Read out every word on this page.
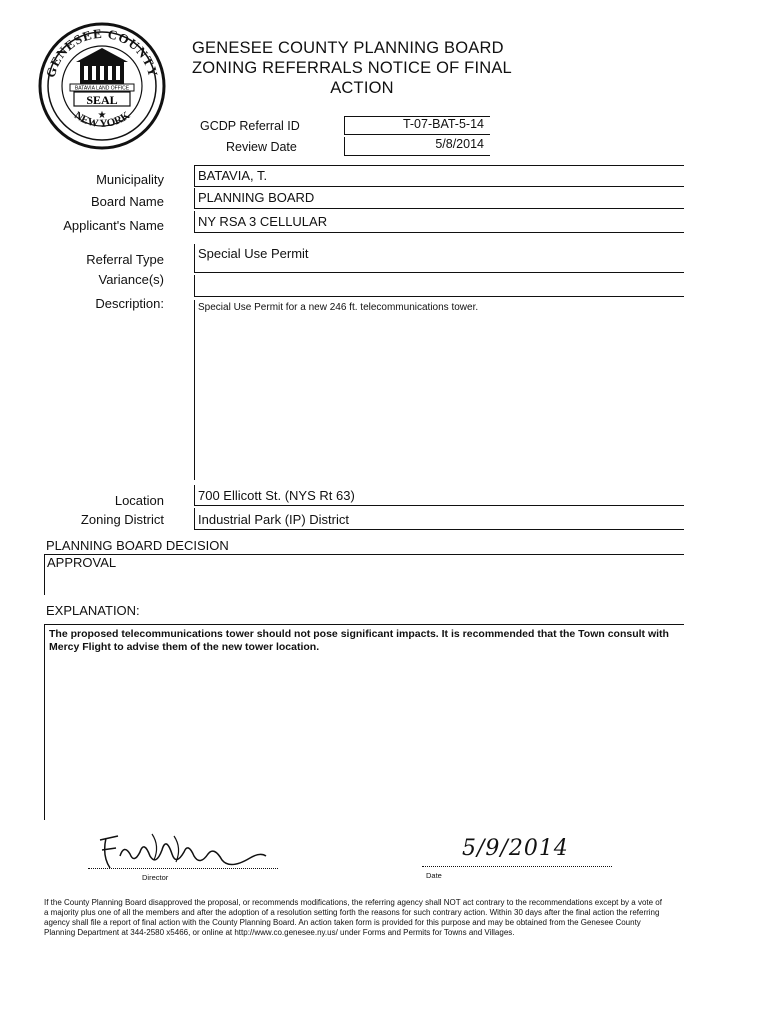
GENESEE COUNTY
NEW YORK
BATAVIA LAND OFFICE
SEAL
★
GENESEE COUNTY PLANNING BOARD
ZONING REFERRALS NOTICE OF FINAL
ACTION
GCDP Referral ID	T-07-BAT-5-14
Review Date	5/8/2014
Municipality
Board Name
Applicant's Name
Referral Type
Variance(s)
Description:
Location
Zoning District
BATAVIA, T.
PLANNING BOARD
NY RSA 3 CELLULAR
Special Use Permit
Special Use Permit for a new 246 ft. telecommunications tower.
700 Ellicott St. (NYS Rt 63)
Industrial Park (IP) District
PLANNING BOARD DECISION
APPROVAL
EXPLANATION:
The proposed telecommunications tower should not pose significant impacts. It is recommended that the Town consult with Mercy Flight to advise them of the new tower location.
Director
5/9/2014
Date
If the County Planning Board disapproved the proposal, or recommends modifications, the referring agency shall NOT act contrary to the recommendations except by a vote of a majority plus one of all the members and after the adoption of a resolution setting forth the reasons for such contrary action. Within 30 days after the final action the referring agency shall file a report of final action with the County Planning Board. An action taken form is provided for this purpose and may be obtained from the Genesee County Planning Department at 344-2580 x5466, or online at http://www.co.genesee.ny.us/ under Forms and Permits for Towns and Villages.
